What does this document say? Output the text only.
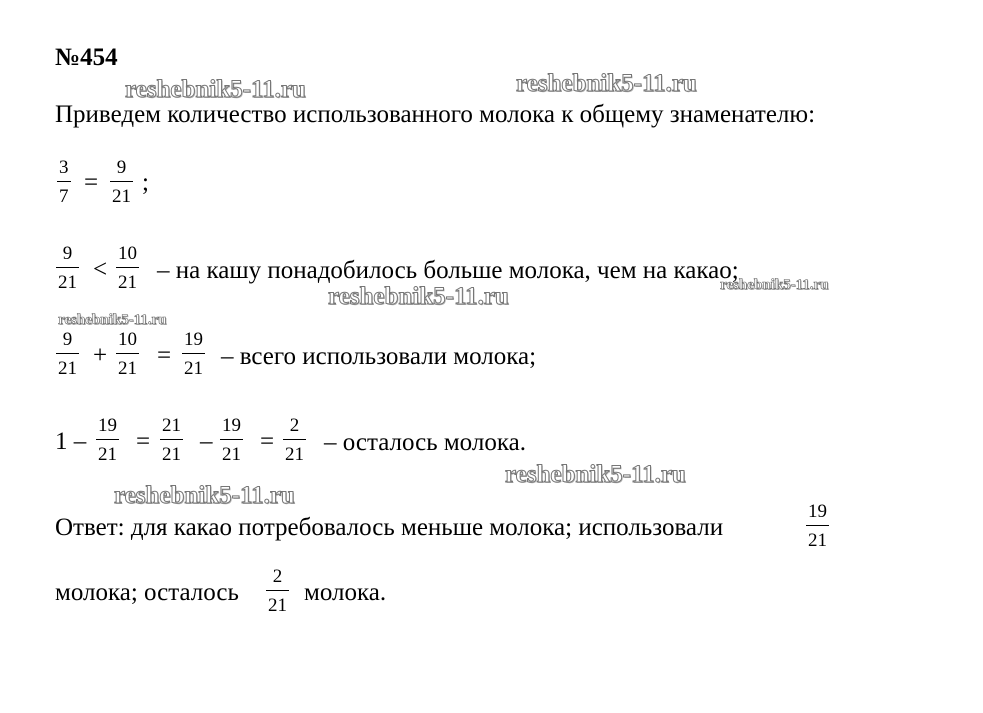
№454
Приведем количество использованного молока к общему знаменателю:
3
7
=
9
21
;
9
21 <
10
21 – на кашу понадобилось больше молока, чем на какао;
9
21 +
10
21 =
19
21 – всего использовали молока;
1 –
19
21 =
21
21 –
19
21 =
2
21 – осталось молока.
Ответ: для какао потребовалось меньше молока; использовали
19
21
молока; осталось
2
21 молока.
reshebnik5-11.ru	reshebnik5-11.ru
reshebnik5-11.ru	reshebnik5-11.ru
reshebnik5-11.ru
reshebnik5-11.ru
reshebnik5-11.ru
